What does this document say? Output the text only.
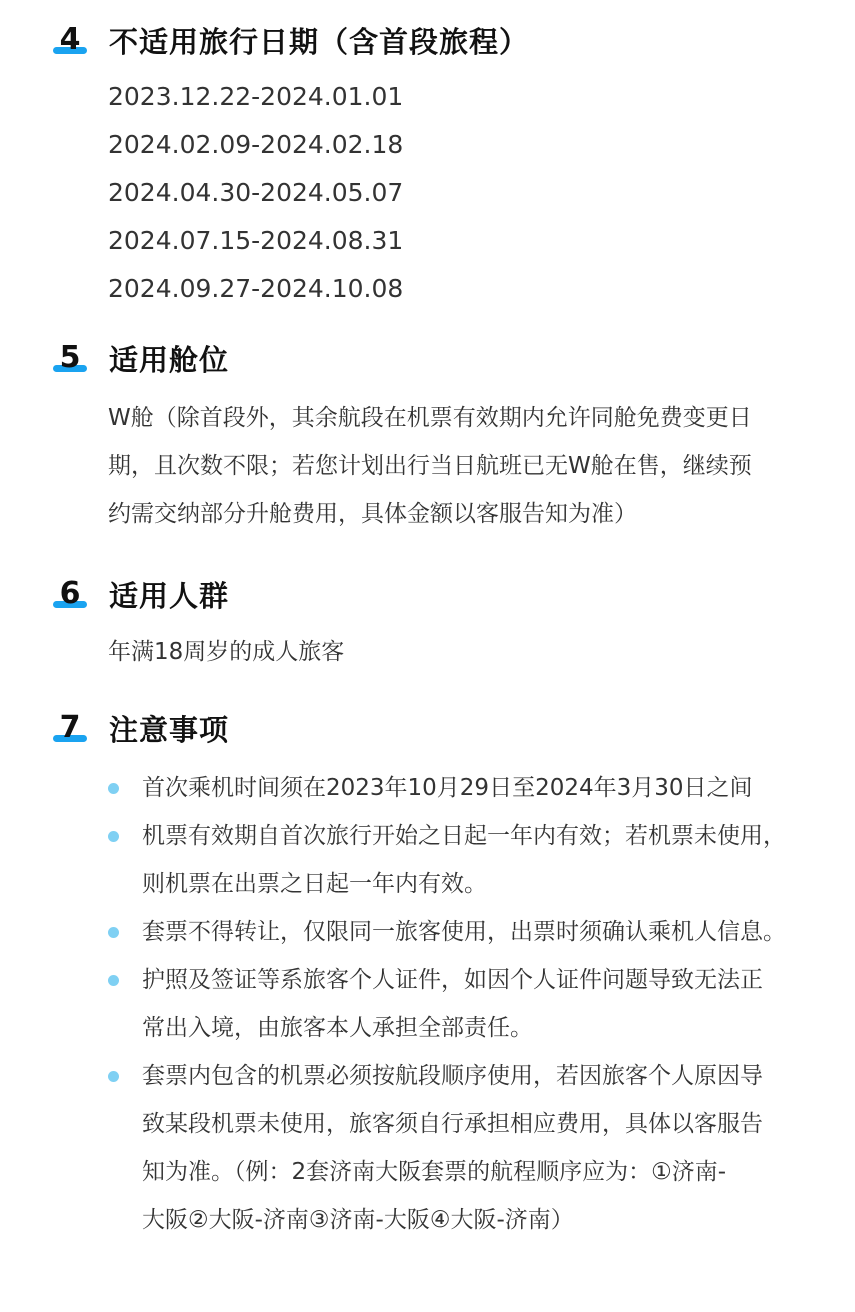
4 不适用旅行日期（含首段旅程）
2023.12.22-2024.01.01
2024.02.09-2024.02.18
2024.04.30-2024.05.07
2024.07.15-2024.08.31
2024.09.27-2024.10.08
5 适用舱位
W舱（除首段外，其余航段在机票有效期内允许同舱免费变更日
期，且次数不限；若您计划出行当日航班已无W舱在售，继续预
约需交纳部分升舱费用，具体金额以客服告知为准）
6 适用人群
年满18周岁的成人旅客
7 注意事项
首次乘机时间须在2023年10月29日至2024年3月30日之间
机票有效期自首次旅行开始之日起一年内有效；若机票未使用，
则机票在出票之日起一年内有效。
套票不得转让，仅限同一旅客使用，出票时须确认乘机人信息。
护照及签证等系旅客个人证件，如因个人证件问题导致无法正
常出入境，由旅客本人承担全部责任。
套票内包含的机票必须按航段顺序使用，若因旅客个人原因导
致某段机票未使用，旅客须自行承担相应费用，具体以客服告
知为准。（例：2套济南大阪套票的航程顺序应为：①济南-
大阪②大阪-济南③济南-大阪④大阪-济南）
